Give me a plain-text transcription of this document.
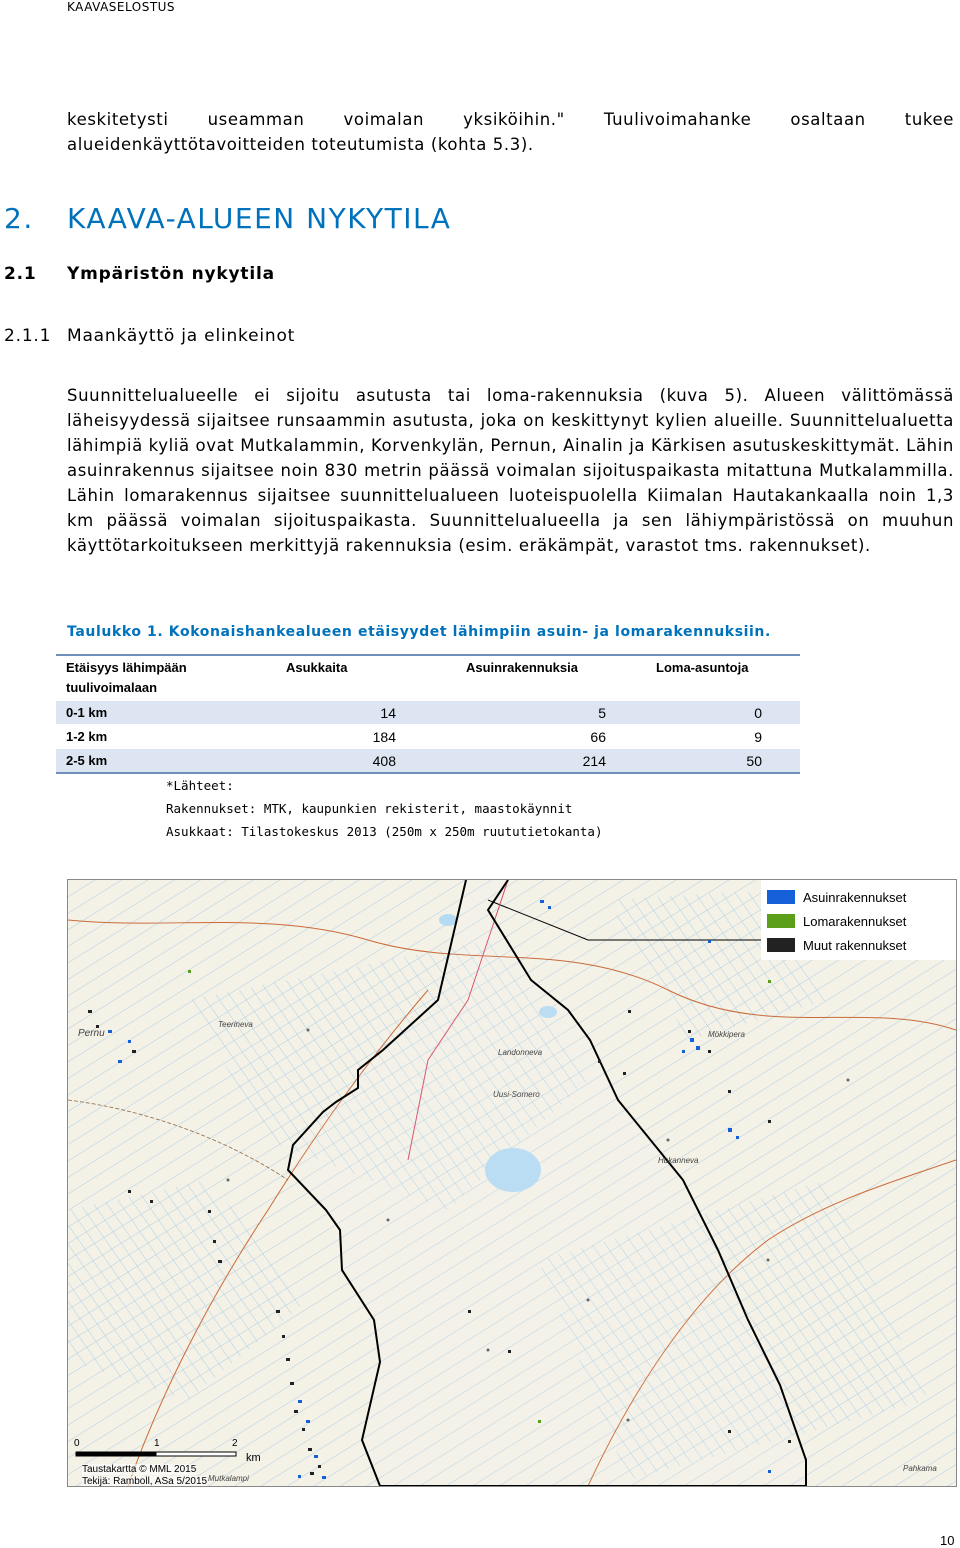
KAAVASELOSTUS

keskitetysti useamman voimalan yksiköihin." Tuulivoimahanke osaltaan tukee alueidenkäyttötavoitteiden toteutumista (kohta 5.3).

2. KAAVA-ALUEEN NYKYTILA
2.1 Ympäristön nykytila
2.1.1 Maankäyttö ja elinkeinot

Suunnittelualueelle ei sijoitu asutusta tai loma-rakennuksia (kuva 5). Alueen välittömässä läheisyydessä sijaitsee runsaammin asutusta, joka on keskittynyt kylien alueille. Suunnittelualuetta lähimpiä kyliä ovat Mutkalammin, Korvenkylän, Pernun, Ainalin ja Kärkisen asutuskeskittymät. Lähin asuinrakennus sijaitsee noin 830 metrin päässä voimalan sijoituspaikasta mitattuna Mutkalammilla. Lähin lomarakennus sijaitsee suunnittelualueen luoteispuolella Kiimalan Hautakankaalla noin 1,3 km päässä voimalan sijoituspaikasta. Suunnittelualueella ja sen lähiympäristössä on muuhun käyttötarkoitukseen merkittyjä rakennuksia (esim. eräkämpät, varastot tms. rakennukset).

Taulukko 1. Kokonaishankealueen etäisyydet lähimpiin asuin- ja lomarakennuksiin.
Etäisyys lähimpään tuulivoimalaan	Asukkaita	Asuinrakennuksia	Loma-asuntoja
0-1 km	14	5	0
1-2 km	184	66	9
2-5 km	408	214	50
*Lähteet:
Rakennukset: MTK, kaupunkien rekisterit, maastokäynnit
Asukkaat: Tilastokeskus 2013 (250m x 250m ruututietokanta)
Pernu
Teerineva
Mökkipera
Landonneva
Uusi-Somero
Hukanneva
Pahkama
Mutkalampi
Asuinrakennukset
Lomarakennukset
Muut rakennukset
0	1	2
km
Taustakartta © MML 2015
Tekijä: Ramboll, ASa 5/2015
10
